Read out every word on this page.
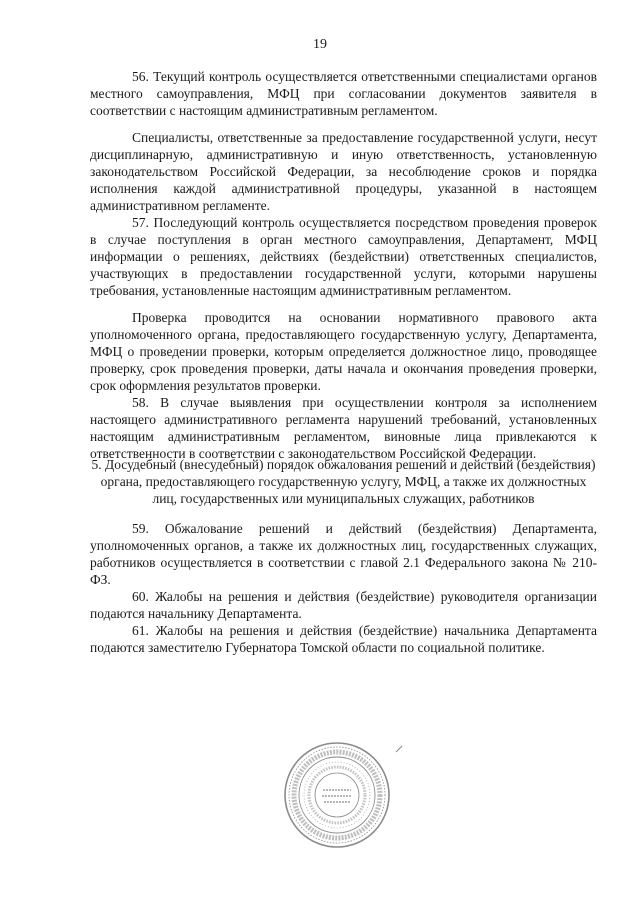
19

56. Текущий контроль осуществляется ответственными специалистами органов местного самоуправления, МФЦ при согласовании документов заявителя в соответствии с настоящим административным регламентом.

Специалисты, ответственные за предоставление государственной услуги, несут дисциплинарную, административную и иную ответственность, установленную законодательством Российской Федерации, за несоблюдение сроков и порядка исполнения каждой административной процедуры, указанной в настоящем административном регламенте.

57. Последующий контроль осуществляется посредством проведения проверок в случае поступления в орган местного самоуправления, Департамент, МФЦ информации о решениях, действиях (бездействии) ответственных специалистов, участвующих в предоставлении государственной услуги, которыми нарушены требования, установленные настоящим административным регламентом.

Проверка проводится на основании нормативного правового акта уполномоченного органа, предоставляющего государственную услугу, Департамента, МФЦ о проведении проверки, которым определяется должностное лицо, проводящее проверку, срок проведения проверки, даты начала и окончания проведения проверки, срок оформления результатов проверки.

58. В случае выявления при осуществлении контроля за исполнением настоящего административного регламента нарушений требований, установленных настоящим административным регламентом, виновные лица привлекаются к ответственности в соответствии с законодательством Российской Федерации.

5. Досудебный (внесудебный) порядок обжалования решений и действий (бездействия) органа, предоставляющего государственную услугу, МФЦ, а также их должностных лиц, государственных или муниципальных служащих, работников

59. Обжалование решений и действий (бездействия) Департамента, уполномоченных органов, а также их должностных лиц, государственных служащих, работников осуществляется в соответствии с главой 2.1 Федерального закона № 210-ФЗ.

60. Жалобы на решения и действия (бездействие) руководителя организации подаются начальнику Департамента.

61. Жалобы на решения и действия (бездействие) начальника Департамента подаются заместителю Губернатора Томской области по социальной политике.
